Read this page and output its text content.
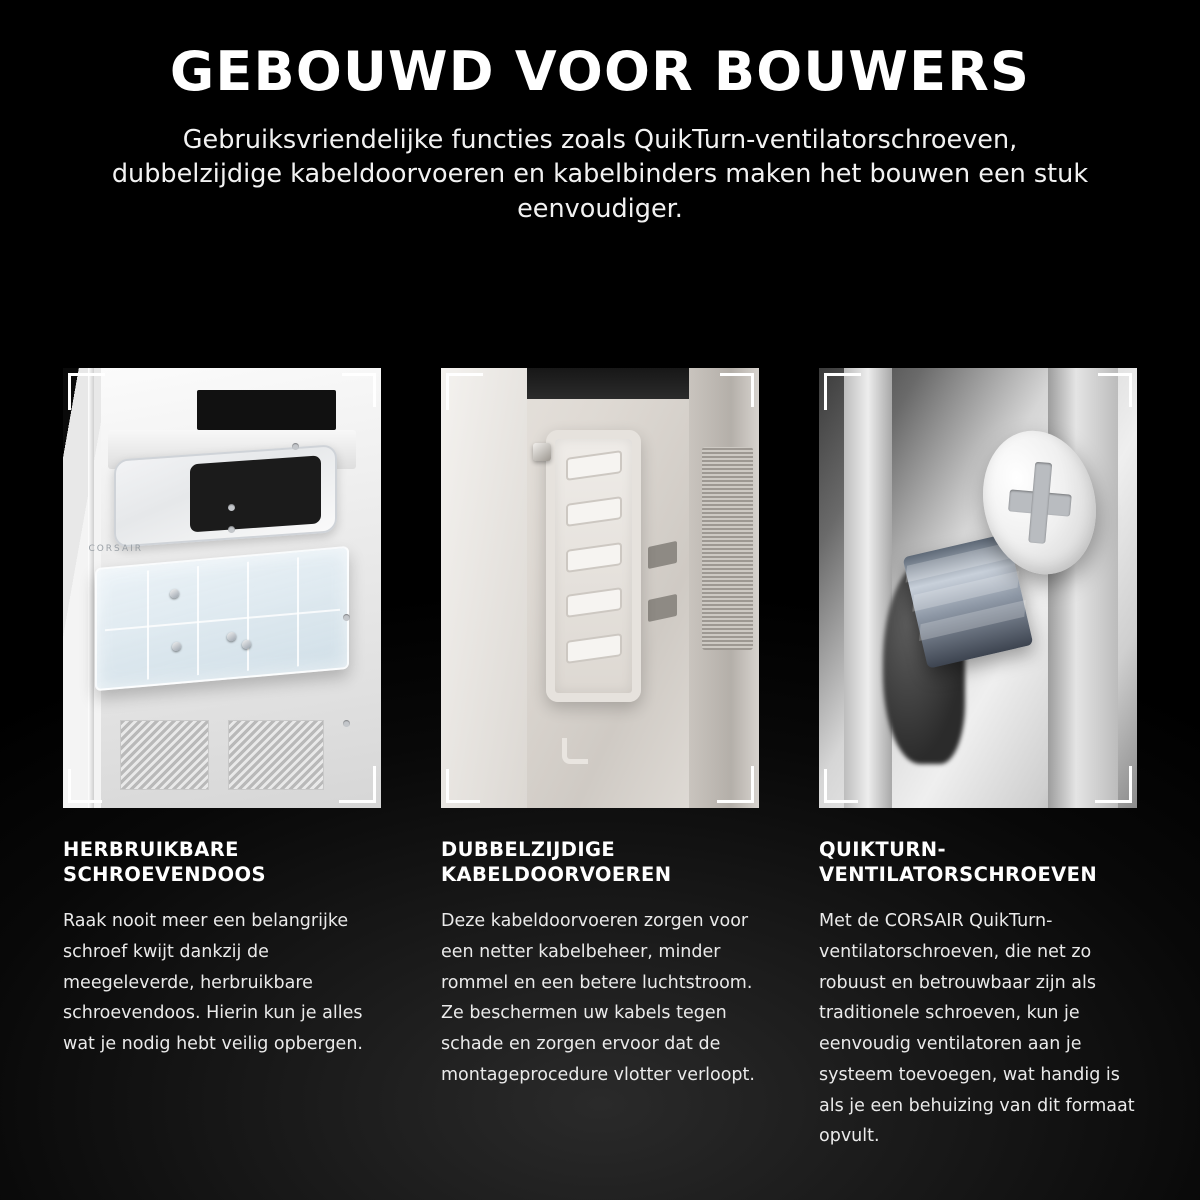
GEBOUWD VOOR BOUWERS

Gebruiksvriendelijke functies zoals QuikTurn-ventilatorschroeven, dubbelzijdige kabeldoorvoeren en kabelbinders maken het bouwen een stuk eenvoudiger.

CORSAIR
HERBRUIKBARE SCHROEVENDOOS

Raak nooit meer een belangrijke schroef kwijt dankzij de meegeleverde, herbruikbare schroevendoos. Hierin kun je alles wat je nodig hebt veilig opbergen.

DUBBELZIJDIGE KABELDOORVOEREN

Deze kabeldoorvoeren zorgen voor een netter kabelbeheer, minder rommel en een betere luchtstroom. Ze beschermen uw kabels tegen schade en zorgen ervoor dat de montageprocedure vlotter verloopt.

QUIKTURN-VENTILATORSCHROEVEN

Met de CORSAIR QuikTurn-ventilatorschroeven, die net zo robuust en betrouwbaar zijn als traditionele schroeven, kun je eenvoudig ventilatoren aan je systeem toevoegen, wat handig is als je een behuizing van dit formaat opvult.
